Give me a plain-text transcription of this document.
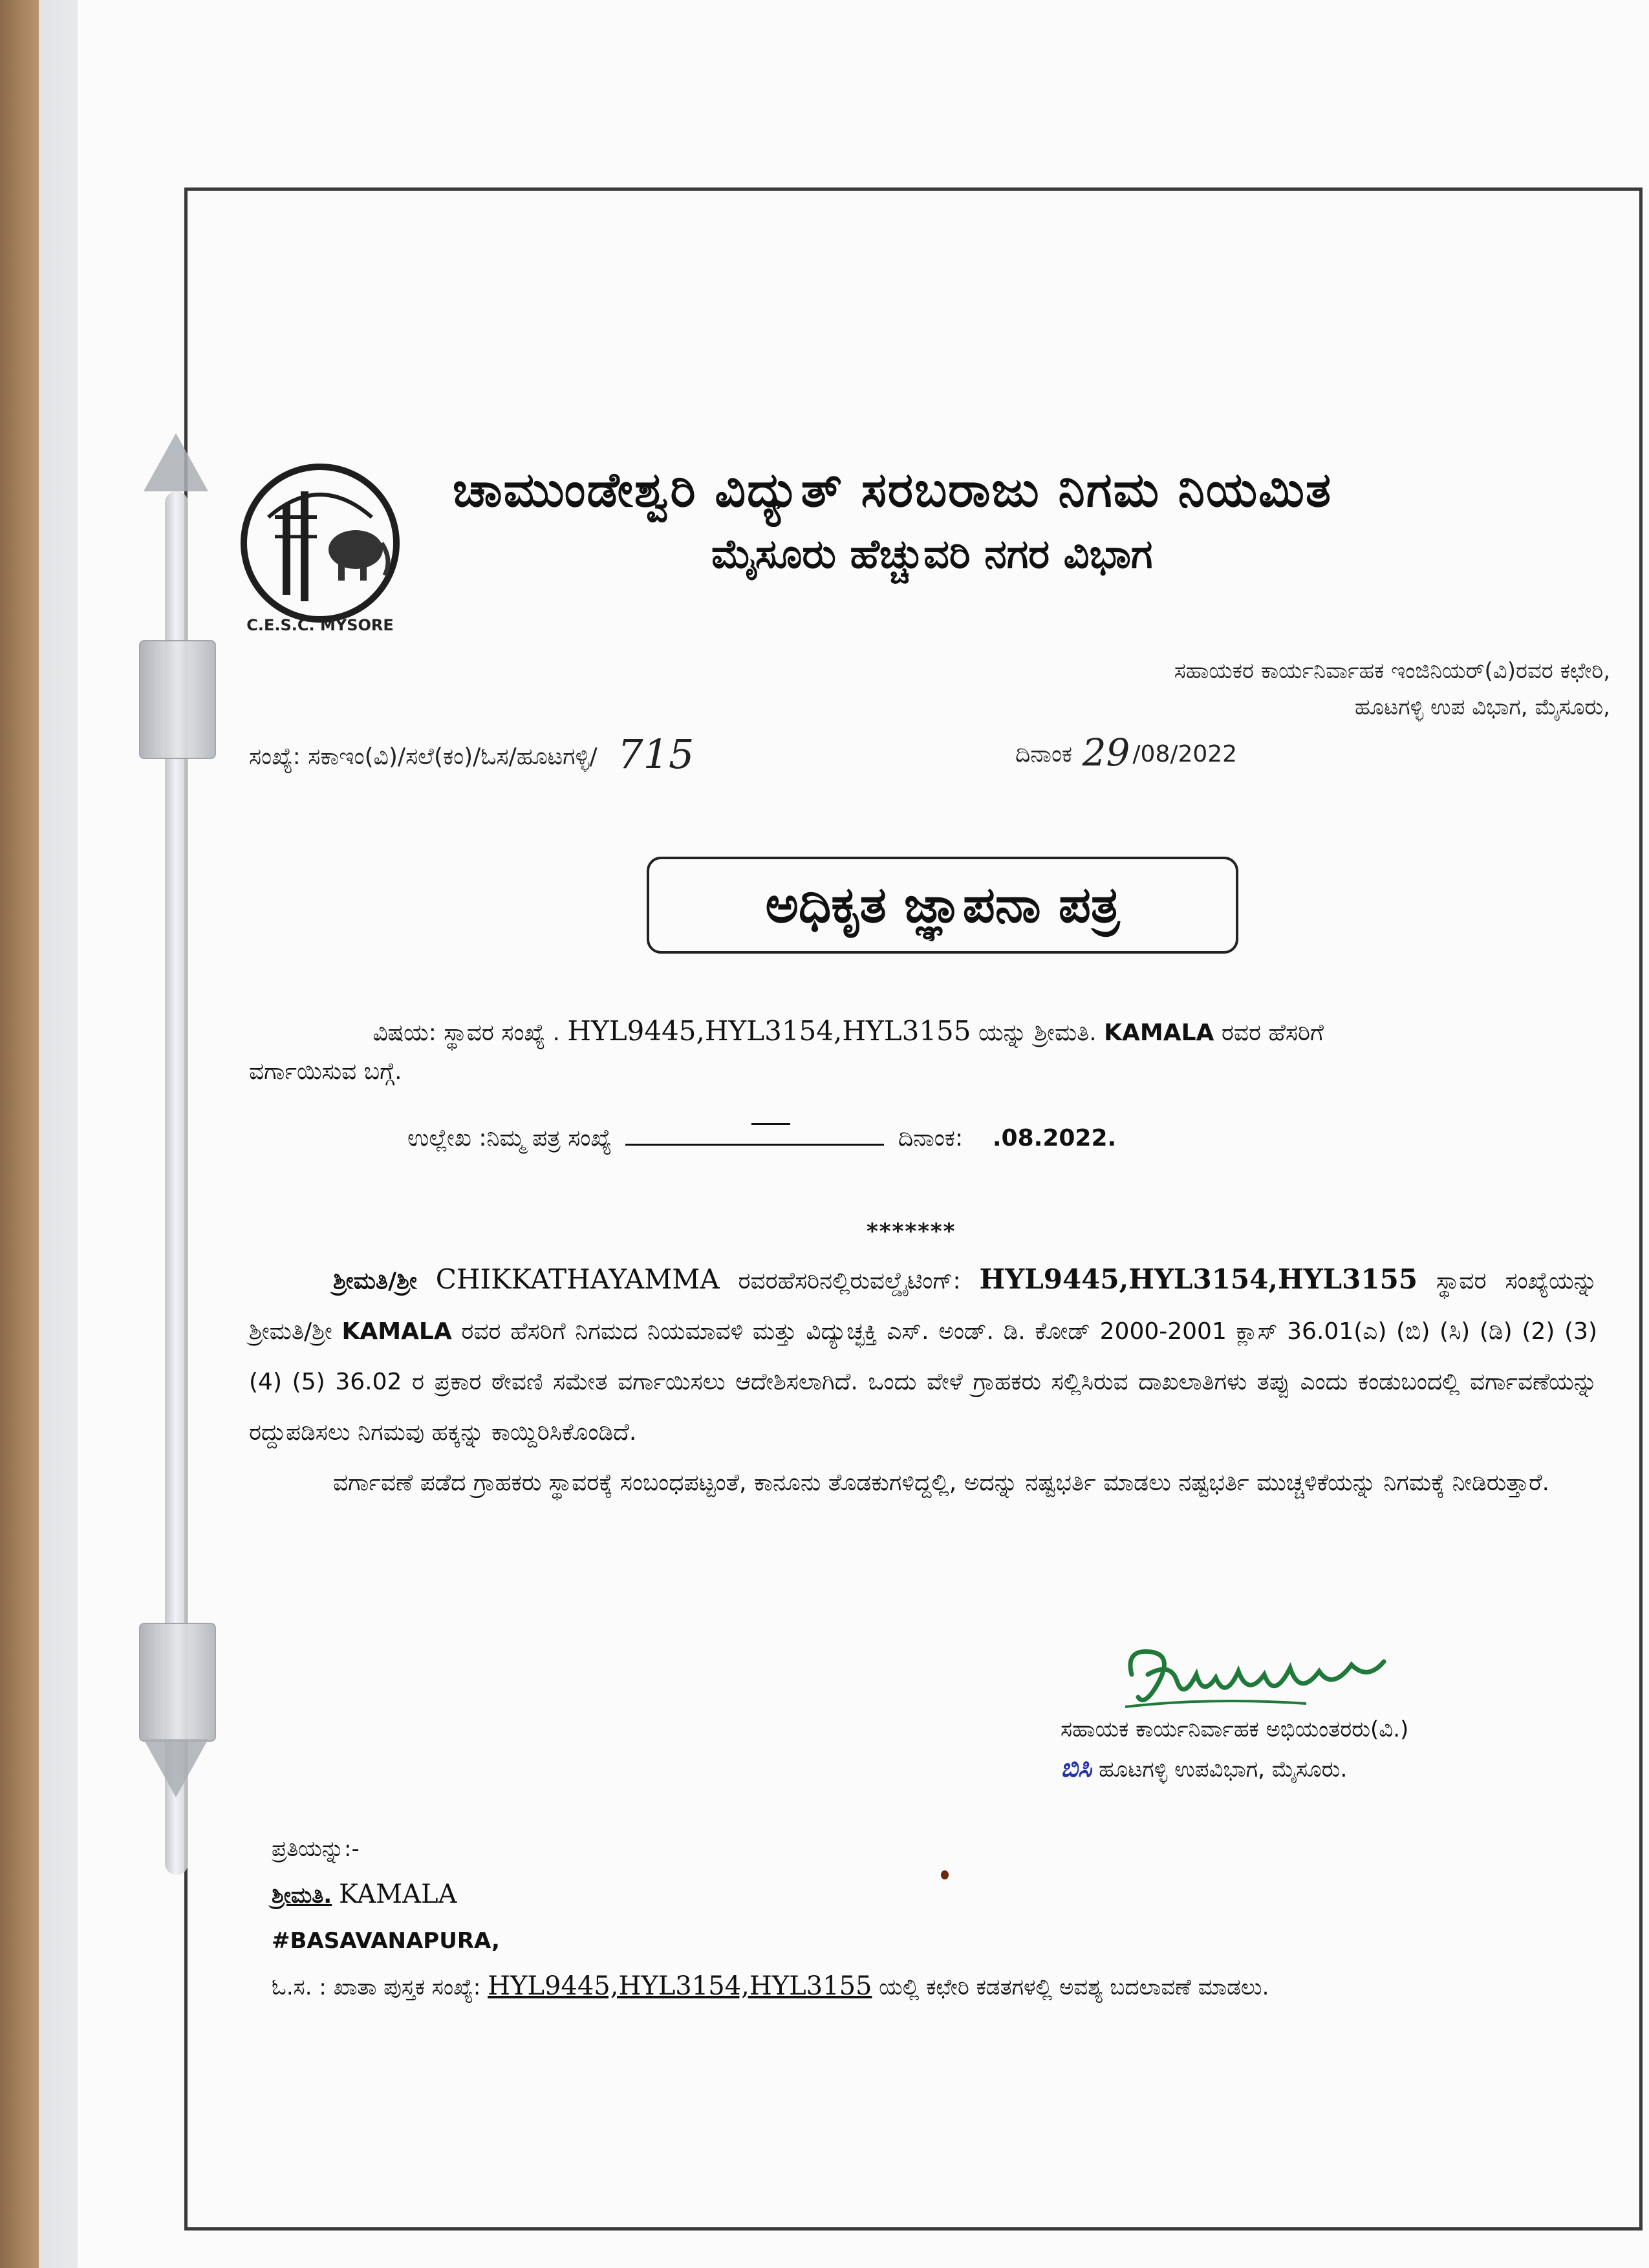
C.E.S.C. MYSORE
ಚಾಮುಂಡೇಶ್ವರಿ ವಿದ್ಯುತ್ ಸರಬರಾಜು ನಿಗಮ ನಿಯಮಿತ
ಮೈಸೂರು ಹೆಚ್ಚುವರಿ ನಗರ ವಿಭಾಗ
ಸಹಾಯಕರ ಕಾರ್ಯನಿರ್ವಾಹಕ ಇಂಜಿನಿಯರ್(ವಿ)ರವರ ಕಛೇರಿ,
ಹೂಟಗಳ್ಳಿ ಉಪ ವಿಭಾಗ, ಮೈಸೂರು,
ಸಂಖ್ಯೆ: ಸಕಾಇಂ(ವಿ)/ಸಲೆ(ಕಂ)/ಓಸ/ಹೂಟಗಳ್ಳಿ/ 715	ದಿನಾಂಕ 29 /08/2022
ಅಧಿಕೃತ ಜ್ಞಾಪನಾ ಪತ್ರ
ವಿಷಯ: ಸ್ಥಾವರ ಸಂಖ್ಯೆ . HYL9445,HYL3154,HYL3155 ಯನ್ನು ಶ್ರೀಮತಿ. KAMALA ರವರ ಹೆಸರಿಗೆ
ವರ್ಗಾಯಿಸುವ ಬಗ್ಗೆ.
ಉಲ್ಲೇಖ :ನಿಮ್ಮ ಪತ್ರ ಸಂಖ್ಯೆ	ದಿನಾಂಕ: .08.2022.
*******
ಶ್ರೀಮತಿ/ಶ್ರೀ CHIKKATHAYAMMA ರವರಹೆಸರಿನಲ್ಲಿರುವಲ್ಡೈಟಿಂಗ್: HYL9445,HYL3154,HYL3155 ಸ್ಥಾವರ ಸಂಖ್ಯೆಯನ್ನು ಶ್ರೀಮತಿ/ಶ್ರೀ KAMALA ರವರ ಹೆಸರಿಗೆ ನಿಗಮದ ನಿಯಮಾವಳಿ ಮತ್ತು ವಿದ್ಯುಚ್ಛಕ್ತಿ ಎಸ್. ಅಂಡ್. ಡಿ. ಕೋಡ್ 2000-2001 ಕ್ಲಾಸ್ 36.01(ಎ) (ಬಿ) (ಸಿ) (ಡಿ) (2) (3) (4) (5) 36.02 ರ ಪ್ರಕಾರ ಠೇವಣಿ ಸಮೇತ ವರ್ಗಾಯಿಸಲು ಆದೇಶಿಸಲಾಗಿದೆ. ಒಂದು ವೇಳೆ ಗ್ರಾಹಕರು ಸಲ್ಲಿಸಿರುವ ದಾಖಲಾತಿಗಳು ತಪ್ಪು ಎಂದು ಕಂಡುಬಂದಲ್ಲಿ ವರ್ಗಾವಣೆಯನ್ನು ರದ್ದುಪಡಿಸಲು ನಿಗಮವು ಹಕ್ಕನ್ನು ಕಾಯ್ದಿರಿಸಿಕೊಂಡಿದೆ.
ವರ್ಗಾವಣೆ ಪಡೆದ ಗ್ರಾಹಕರು ಸ್ಥಾವರಕ್ಕೆ ಸಂಬಂಧಪಟ್ಟಂತೆ, ಕಾನೂನು ತೊಡಕುಗಳಿದ್ದಲ್ಲಿ, ಅದನ್ನು ನಷ್ಟಭರ್ತಿ ಮಾಡಲು ನಷ್ಟಭರ್ತಿ ಮುಚ್ಚಳಿಕೆಯನ್ನು ನಿಗಮಕ್ಕೆ ನೀಡಿರುತ್ತಾರೆ.
ಸಹಾಯಕ ಕಾರ್ಯನಿರ್ವಾಹಕ ಅಭಿಯಂತರರು(ವಿ.)
ಬಿಸಿ ಹೂಟಗಳ್ಳಿ ಉಪವಿಭಾಗ, ಮೈಸೂರು.
ಪ್ರತಿಯನ್ನು:-
ಶ್ರೀಮತಿ. KAMALA
#BASAVANAPURA,
ಓ.ಸ. : ಖಾತಾ ಪುಸ್ತಕ ಸಂಖ್ಯೆ: HYL9445,HYL3154,HYL3155 ಯಲ್ಲಿ ಕಛೇರಿ ಕಡತಗಳಲ್ಲಿ ಅವಶ್ಯ ಬದಲಾವಣೆ ಮಾಡಲು.
